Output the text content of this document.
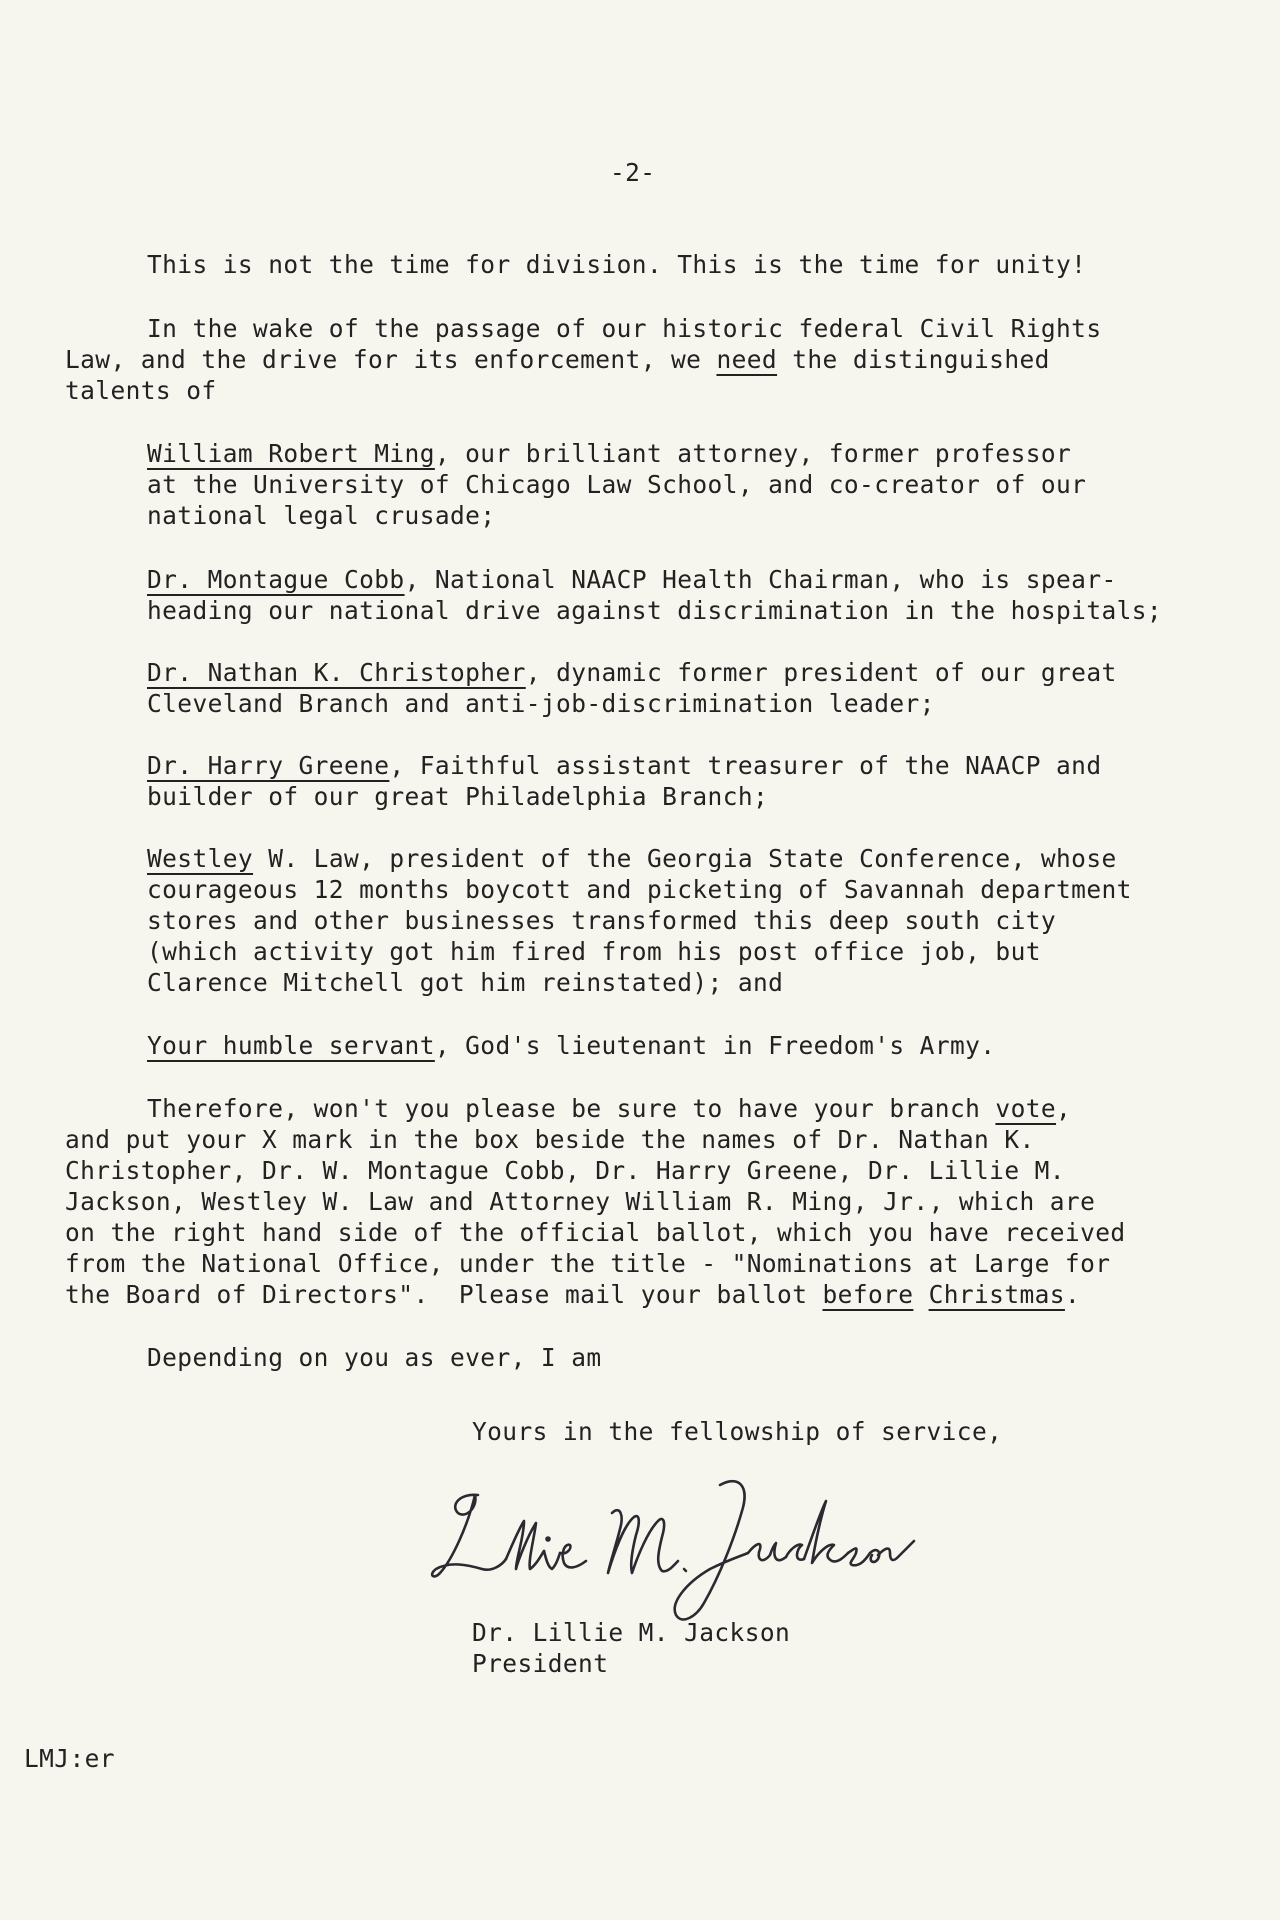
-2-
This is not the time for division. This is the time for unity!
In the wake of the passage of our historic federal Civil Rights
Law, and the drive for its enforcement, we need the distinguished
talents of
William Robert Ming, our brilliant attorney, former professor
at the University of Chicago Law School, and co-creator of our
national legal crusade;
Dr. Montague Cobb, National NAACP Health Chairman, who is spear-
heading our national drive against discrimination in the hospitals;
Dr. Nathan K. Christopher, dynamic former president of our great
Cleveland Branch and anti-job-discrimination leader;
Dr. Harry Greene, Faithful assistant treasurer of the NAACP and
builder of our great Philadelphia Branch;
Westley W. Law, president of the Georgia State Conference, whose
courageous 12 months boycott and picketing of Savannah department
stores and other businesses transformed this deep south city
(which activity got him fired from his post office job, but
Clarence Mitchell got him reinstated); and
Your humble servant, God's lieutenant in Freedom's Army.
Therefore, won't you please be sure to have your branch vote,
and put your X mark in the box beside the names of Dr. Nathan K.
Christopher, Dr. W. Montague Cobb, Dr. Harry Greene, Dr. Lillie M.
Jackson, Westley W. Law and Attorney William R. Ming, Jr., which are
on the right hand side of the official ballot, which you have received
from the National Office, under the title - "Nominations at Large for
the Board of Directors".  Please mail your ballot before Christmas.
Depending on you as ever, I am
Yours in the fellowship of service,
Dr. Lillie M. Jackson
President
LMJ:er
